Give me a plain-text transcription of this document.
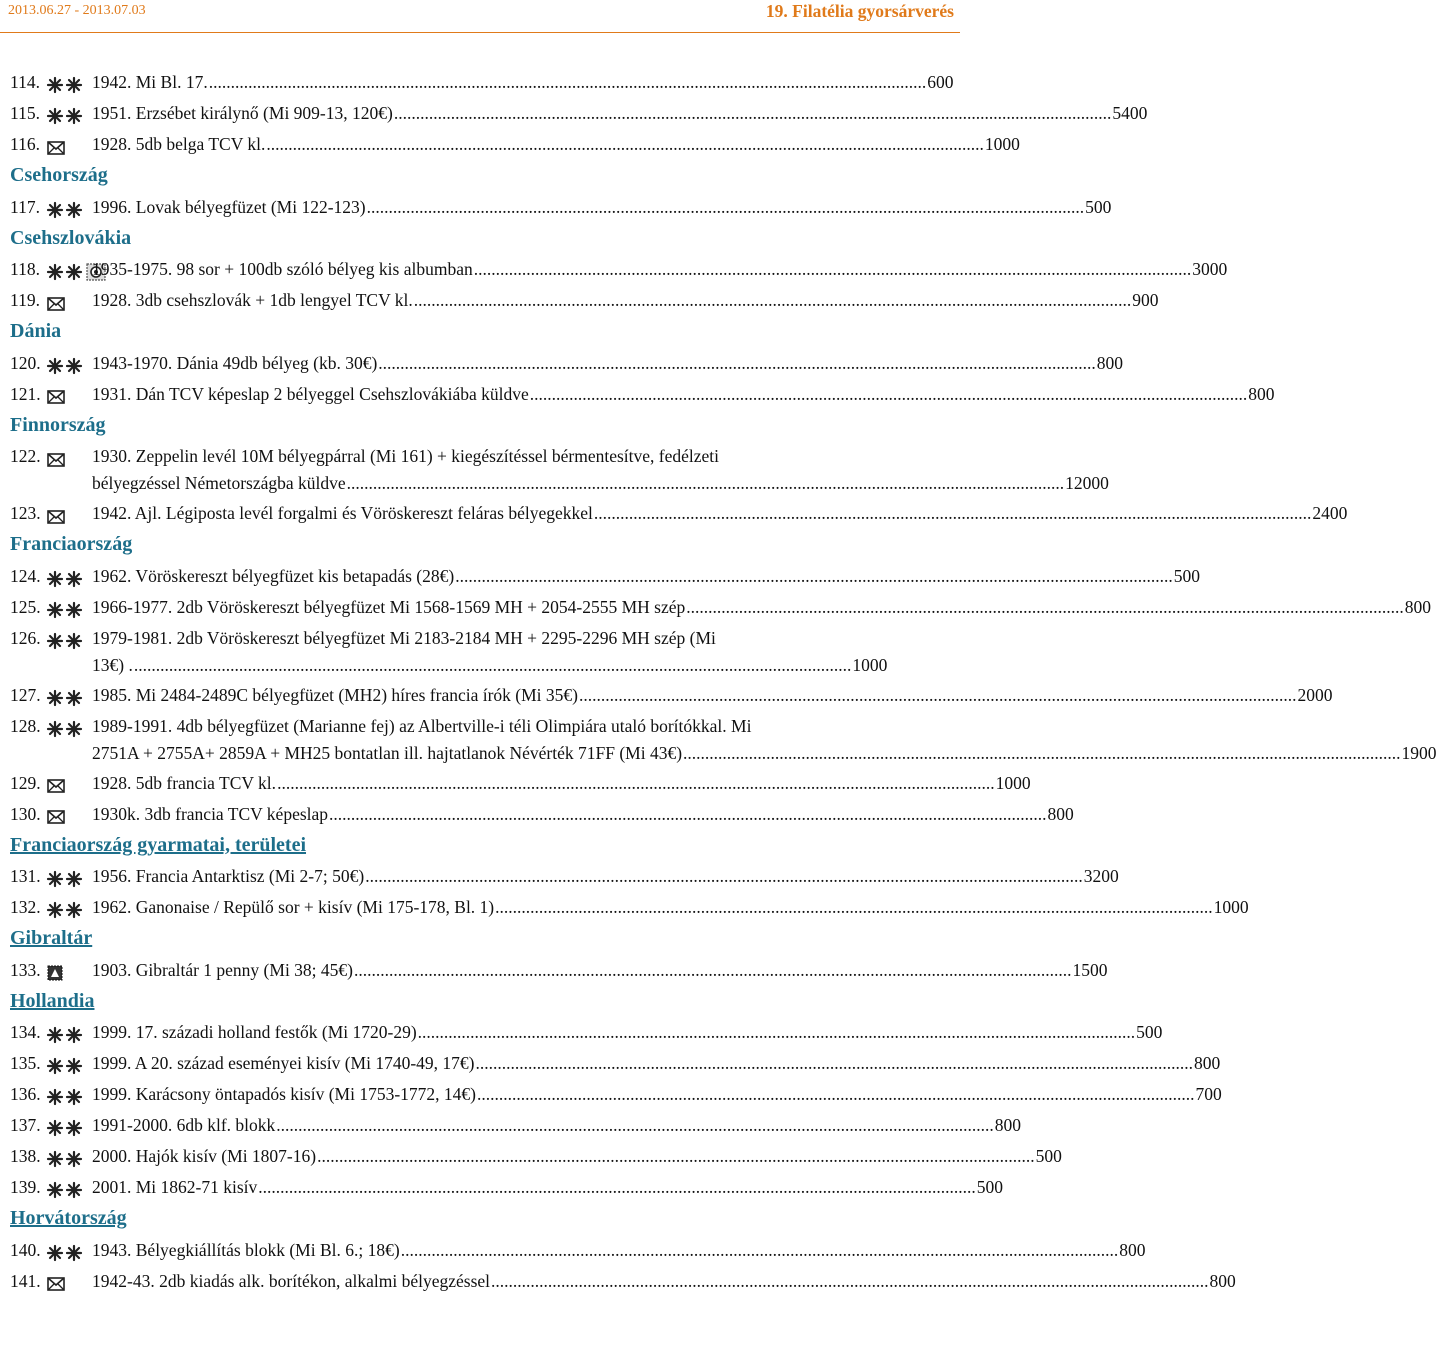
2013.06.27 - 2013.07.03	19. Filatélia gyorsárverés
114.	1942. Mi Bl. 17. .....	600
115.	1951. Erzsébet királynő (Mi 909-13, 120€) .....	5400
116.	1928. 5db belga TCV kl. .....	1000
Csehország
117.	1996. Lovak bélyegfüzet (Mi 122-123) .....	500
Csehszlovákia
118.	1935-1975. 98 sor + 100db szóló bélyeg kis albumban .....	3000
119.	1928. 3db csehszlovák + 1db lengyel TCV kl. .....	900
Dánia
120.	1943-1970. Dánia 49db bélyeg (kb. 30€) .....	800
121.	1931. Dán TCV képeslap 2 bélyeggel Csehszlovákiába küldve .....	800
Finnország
122.	1930. Zeppelin levél 10M bélyegpárral (Mi 161) + kiegészítéssel bérmentesítve, fedélzeti
bélyegzéssel Németországba küldve .....	12000
123.	1942. Ajl. Légiposta levél forgalmi és Vöröskereszt feláras bélyegekkel .....	2400
Franciaország
124.	1962. Vöröskereszt bélyegfüzet kis betapadás (28€) .....	500
125.	1966-1977. 2db Vöröskereszt bélyegfüzet Mi 1568-1569 MH + 2054-2555 MH szép .....	800
126.	1979-1981. 2db Vöröskereszt bélyegfüzet Mi 2183-2184 MH + 2295-2296 MH szép (Mi
13€) . .....	1000
127.	1985. Mi 2484-2489C bélyegfüzet (MH2) híres francia írók (Mi 35€) .....	2000
128.	1989-1991. 4db bélyegfüzet (Marianne fej) az Albertville-i téli Olimpiára utaló borítókkal. Mi
2751A + 2755A+ 2859A + MH25 bontatlan ill. hajtatlanok Névérték 71FF (Mi 43€) .....	1900
129.	1928. 5db francia TCV kl. .....	1000
130.	1930k. 3db francia TCV képeslap .....	800
Franciaország gyarmatai, területei
131.	1956. Francia Antarktisz (Mi 2-7; 50€) .....	3200
132.	1962. Ganonaise / Repülő sor + kisív (Mi 175-178, Bl. 1) .....	1000
Gibraltár
133.	1903. Gibraltár 1 penny (Mi 38; 45€) .....	1500
Hollandia
134.	1999. 17. századi holland festők (Mi 1720-29) .....	500
135.	1999. A 20. század eseményei kisív (Mi 1740-49, 17€) .....	800
136.	1999. Karácsony öntapadós kisív (Mi 1753-1772, 14€) .....	700
137.	1991-2000. 6db klf. blokk .....	800
138.	2000. Hajók kisív (Mi 1807-16) .....	500
139.	2001. Mi 1862-71 kisív .....	500
Horvátország
140.	1943. Bélyegkiállítás blokk (Mi Bl. 6.; 18€) .....	800
141.	1942-43. 2db kiadás alk. borítékon, alkalmi bélyegzéssel .....	800
